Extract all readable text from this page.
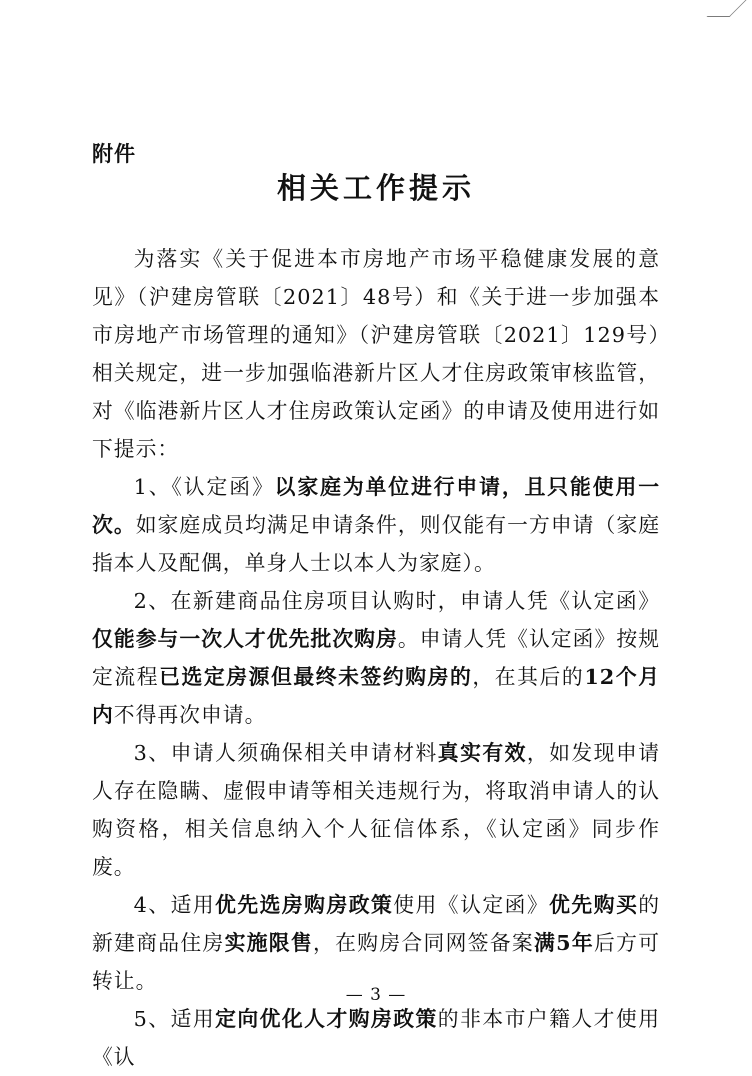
附件
相关工作提示

为落实《关于促进本市房地产市场平稳健康发展的意见》（沪建房管联〔2021〕48号）和《关于进一步加强本市房地产市场管理的通知》（沪建房管联〔2021〕129号）相关规定，进一步加强临港新片区人才住房政策审核监管，对《临港新片区人才住房政策认定函》的申请及使用进行如下提示：

1、《认定函》以家庭为单位进行申请，且只能使用一次。如家庭成员均满足申请条件，则仅能有一方申请（家庭指本人及配偶，单身人士以本人为家庭）。

2、在新建商品住房项目认购时，申请人凭《认定函》仅能参与一次人才优先批次购房。申请人凭《认定函》按规定流程已选定房源但最终未签约购房的，在其后的12个月内不得再次申请。

3、申请人须确保相关申请材料真实有效，如发现申请人存在隐瞒、虚假申请等相关违规行为，将取消申请人的认购资格，相关信息纳入个人征信体系，《认定函》同步作废。

4、适用优先选房购房政策使用《认定函》优先购买的新建商品住房实施限售，在购房合同网签备案满5年后方可转让。

5、适用定向优化人才购房政策的非本市户籍人才使用《认

— 3 —
